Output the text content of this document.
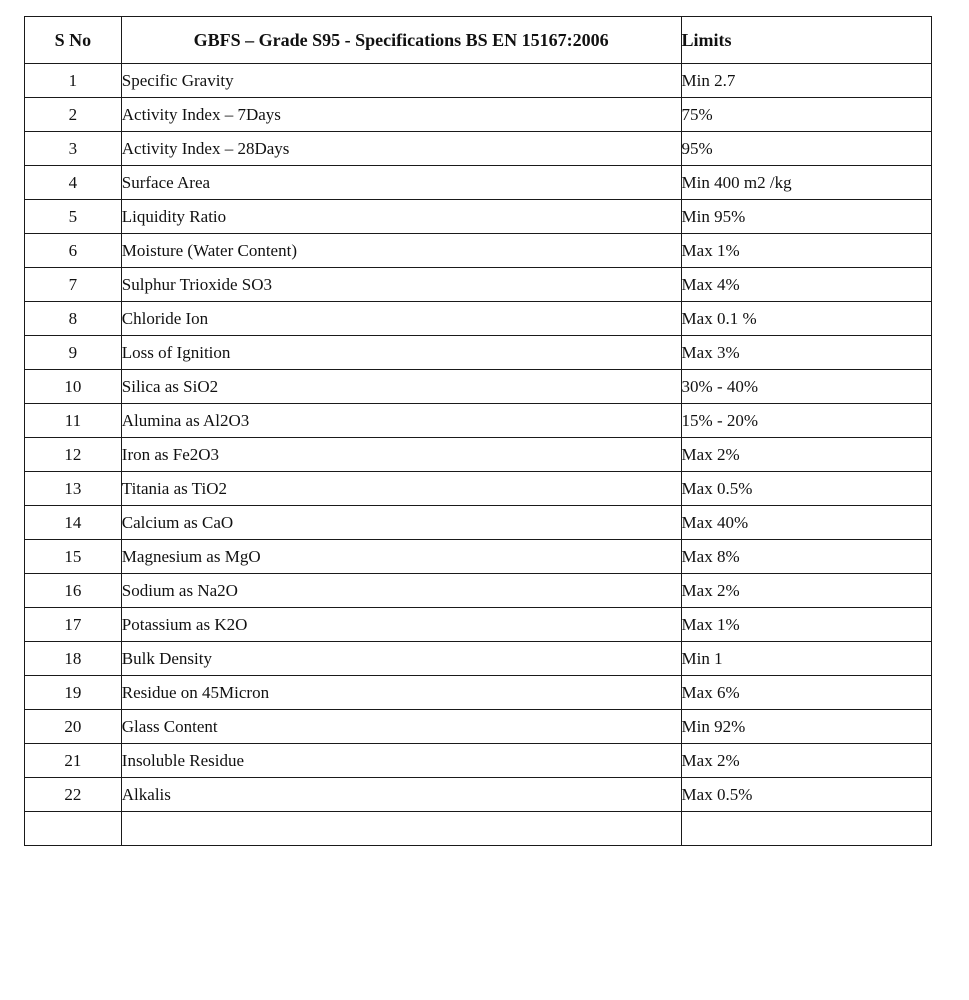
S No	GBFS – Grade S95 - Specifications BS EN 15167:2006	Limits
1	Specific Gravity	Min 2.7
2	Activity Index – 7Days	75%
3	Activity Index – 28Days	95%
4	Surface Area	Min 400 m2 /kg
5	Liquidity Ratio	Min 95%
6	Moisture (Water Content)	Max 1%
7	Sulphur Trioxide SO3	Max 4%
8	Chloride Ion	Max 0.1 %
9	Loss of Ignition	Max 3%
10	Silica as SiO2	30% - 40%
11	Alumina as Al2O3	15% - 20%
12	Iron as Fe2O3	Max 2%
13	Titania as TiO2	Max 0.5%
14	Calcium as CaO	Max 40%
15	Magnesium as MgO	Max 8%
16	Sodium as Na2O	Max 2%
17	Potassium as K2O	Max 1%
18	Bulk Density	Min 1
19	Residue on 45Micron	Max 6%
20	Glass Content	Min 92%
21	Insoluble Residue	Max 2%
22	Alkalis	Max 0.5%
